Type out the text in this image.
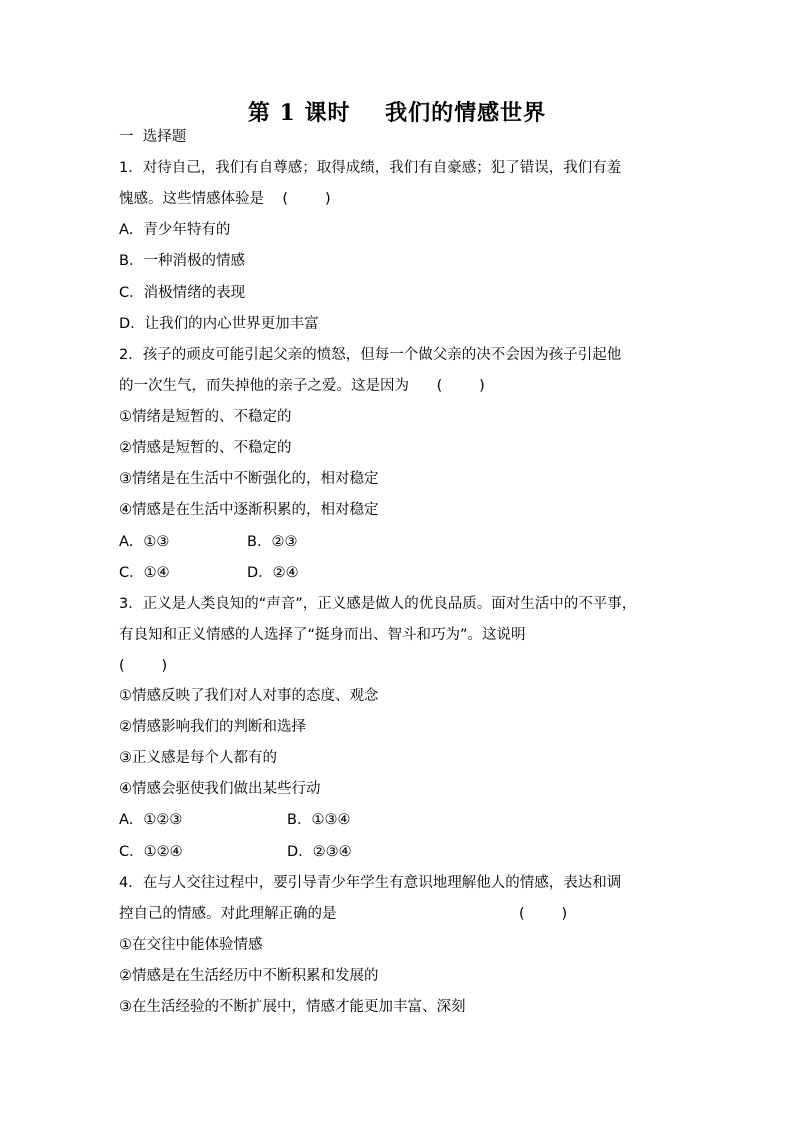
第 1 课时    我们的情感世界
一  选择题
1．对待自己，我们有自尊感；取得成绩，我们有自豪感；犯了错误，我们有羞
愧感。这些情感体验是    (        )
A．青少年特有的
B．一种消极的情感
C．消极情绪的表现
D．让我们的内心世界更加丰富
2．孩子的顽皮可能引起父亲的愤怒，但每一个做父亲的决不会因为孩子引起他
的一次生气，而失掉他的亲子之爱。这是因为      (        )
①情绪是短暂的、不稳定的
②情感是短暂的、不稳定的
③情绪是在生活中不断强化的，相对稳定
④情感是在生活中逐渐积累的，相对稳定
A．①③	B．②③
C．①④	D．②④
3．正义是人类良知的“声音”，正义感是做人的优良品质。面对生活中的不平事，
有良知和正义情感的人选择了“挺身而出、智斗和巧为”。这说明
(        )
①情感反映了我们对人对事的态度、观念
②情感影响我们的判断和选择
③正义感是每个人都有的
④情感会驱使我们做出某些行动
A．①②③	B．①③④
C．①②④	D．②③④
4．在与人交往过程中，要引导青少年学生有意识地理解他人的情感，表达和调
控自己的情感。对此理解正确的是	(        )
①在交往中能体验情感
②情感是在生活经历中不断积累和发展的
③在生活经验的不断扩展中，情感才能更加丰富、深刻
